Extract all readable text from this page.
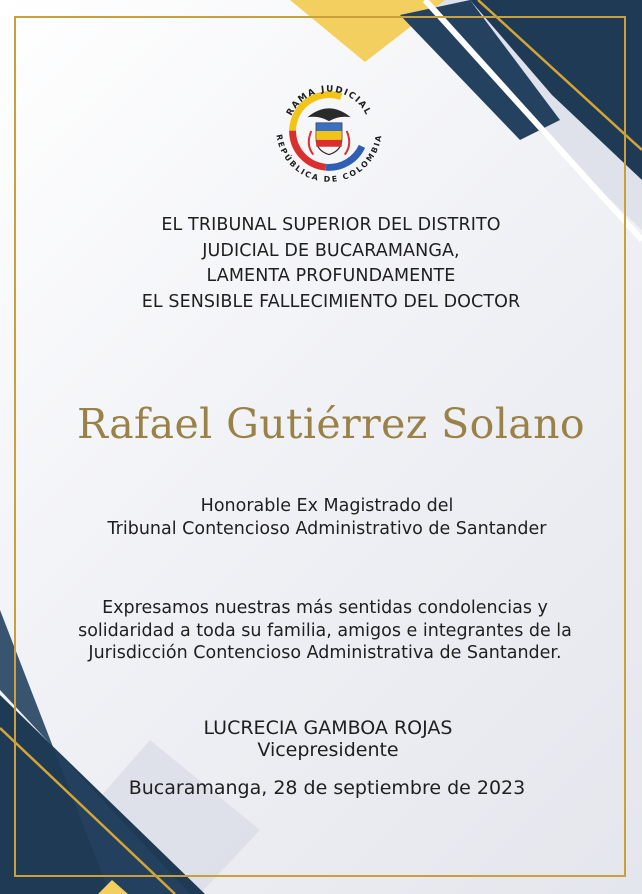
RAMA JUDICIAL
REPÚBLICA DE COLOMBIA
EL TRIBUNAL SUPERIOR DEL DISTRITO
JUDICIAL DE BUCARAMANGA,
LAMENTA PROFUNDAMENTE
EL SENSIBLE FALLECIMIENTO DEL DOCTOR
Rafael Gutiérrez Solano
Honorable Ex Magistrado del
Tribunal Contencioso Administrativo de Santander
Expresamos nuestras más sentidas condolencias y
solidaridad a toda su familia, amigos e integrantes de la
Jurisdicción Contencioso Administrativa de Santander.
LUCRECIA GAMBOA ROJAS
Vicepresidente
Bucaramanga, 28 de septiembre de 2023
